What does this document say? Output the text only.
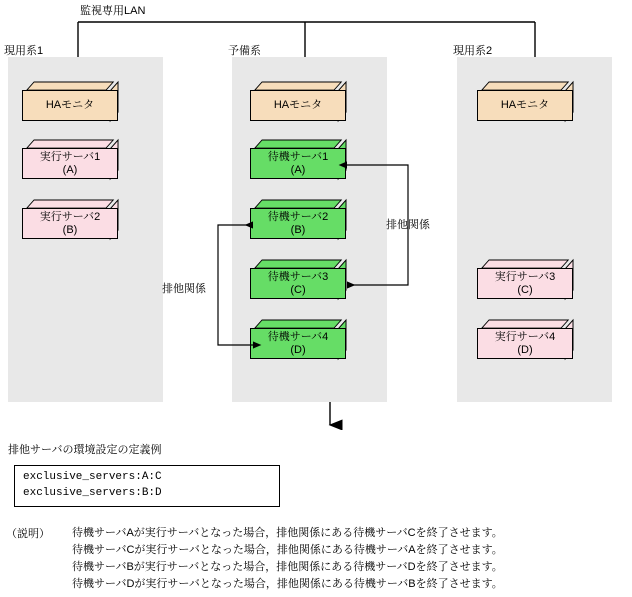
監視専用LAN
現用系1	予備系	現用系2
HAモニタ
実行サーバ1
(A)
実行サーバ2
(B)
HAモニタ
待機サーバ1
(A)
待機サーバ2
(B)
待機サーバ3
(C)
待機サーバ4
(D)
HAモニタ
実行サーバ3
(C)
実行サーバ4
(D)
排他関係
排他関係
排他サーバの環境設定の定義例
exclusive_servers:A:C
exclusive_servers:B:D
（説明） 待機サーバAが実行サーバとなった場合，排他関係にある待機サーバCを終了させます。
待機サーバCが実行サーバとなった場合，排他関係にある待機サーバAを終了させます。
待機サーバBが実行サーバとなった場合，排他関係にある待機サーバDを終了させます。
待機サーバDが実行サーバとなった場合，排他関係にある待機サーバBを終了させます。
